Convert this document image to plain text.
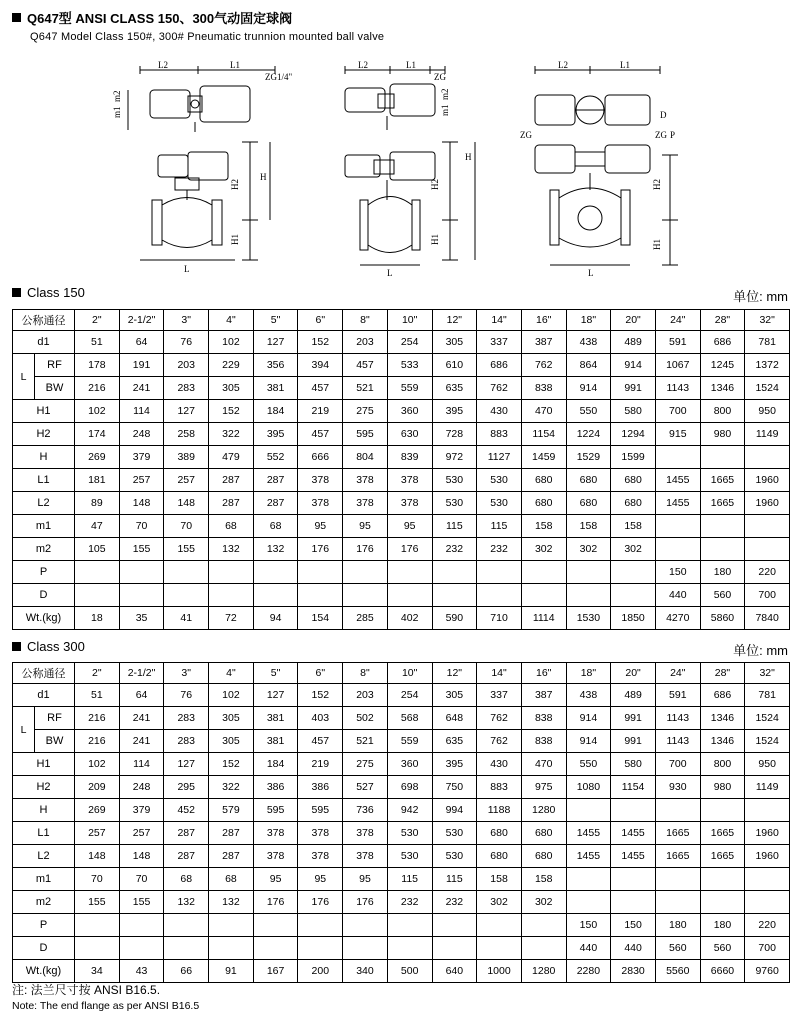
Q647型 ANSI CLASS 150、300气动固定球阀
Q647 Model Class 150#, 300# Pneumatic trunnion mounted ball valve
L2	L1
ZG1/4"
m2
m1
L
H
H2
H1
L2	L1
ZG
m2
m1
L
H
H2
H1
L2	L1
ZG	ZG
D
P
L
H2
H1
Class 150	单位: mm
公称通径		2"	2-1/2"	3"	4"	5"	6"	8"	10"	12"	14"	16"	18"	20"	24"	28"	32"
d1		51	64	76	102	127	152	203	254	305	337	387	438	489	591	686	781
L	RF	178	191	203	229	356	394	457	533	610	686	762	864	914	1067	1245	1372
	BW	216	241	283	305	381	457	521	559	635	762	838	914	991	1143	1346	1524
H1		102	114	127	152	184	219	275	360	395	430	470	550	580	700	800	950
H2		174	248	258	322	395	457	595	630	728	883	1154	1224	1294	915	980	1149
H		269	379	389	479	552	666	804	839	972	1127	1459	1529	1599			
L1		181	257	257	287	287	378	378	378	530	530	680	680	680	1455	1665	1960
L2		89	148	148	287	287	378	378	378	530	530	680	680	680	1455	1665	1960
m1		47	70	70	68	68	95	95	95	115	115	158	158	158			
m2		105	155	155	132	132	176	176	176	232	232	302	302	302			
P															150	180	220
D															440	560	700
Wt.(kg)		18	35	41	72	94	154	285	402	590	710	1114	1530	1850	4270	5860	7840
Class 300	单位: mm
公称通径		2"	2-1/2"	3"	4"	5"	6"	8"	10"	12"	14"	16"	18"	20"	24"	28"	32"
d1		51	64	76	102	127	152	203	254	305	337	387	438	489	591	686	781
L	RF	216	241	283	305	381	403	502	568	648	762	838	914	991	1143	1346	1524
	BW	216	241	283	305	381	457	521	559	635	762	838	914	991	1143	1346	1524
H1		102	114	127	152	184	219	275	360	395	430	470	550	580	700	800	950
H2		209	248	295	322	386	386	527	698	750	883	975	1080	1154	930	980	1149
H		269	379	452	579	595	595	736	942	994	1188	1280					
L1		257	257	287	287	378	378	378	530	530	680	680	1455	1455	1665	1665	1960
L2		148	148	287	287	378	378	378	530	530	680	680	1455	1455	1665	1665	1960
m1		70	70	68	68	95	95	95	115	115	158	158					
m2		155	155	132	132	176	176	176	232	232	302	302					
P													150	150	180	180	220
D													440	440	560	560	700
Wt.(kg)		34	43	66	91	167	200	340	500	640	1000	1280	2280	2830	5560	6660	9760
注: 法兰尺寸按 ANSI B16.5.
Note: The end flange as per ANSI B16.5
